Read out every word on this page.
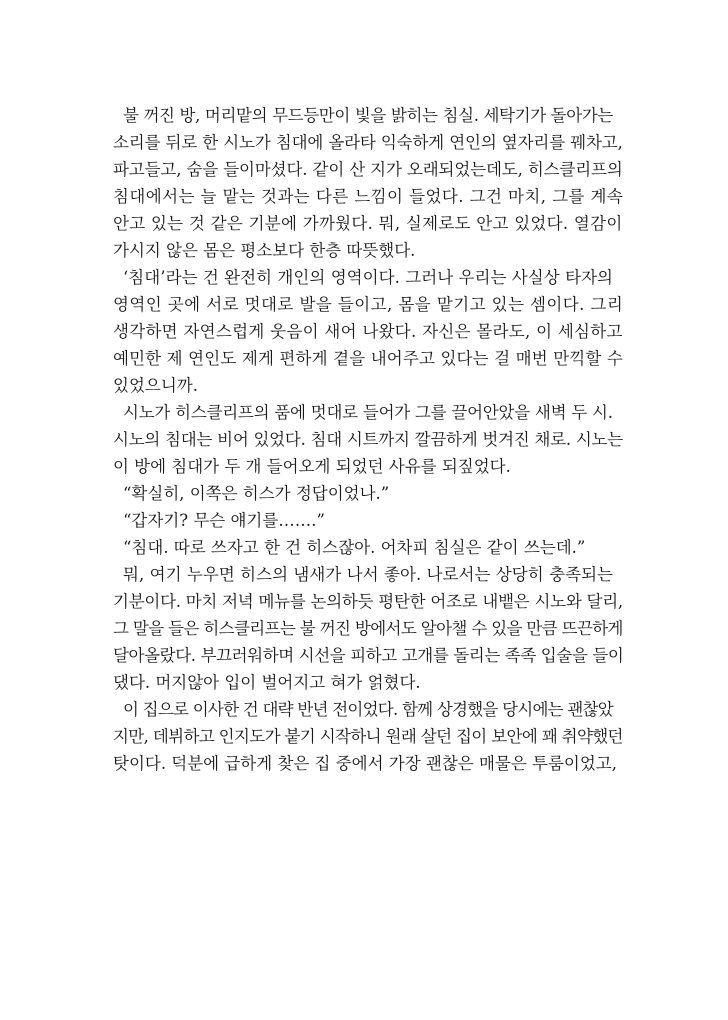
불 꺼진 방, 머리맡의 무드등만이 빛을 밝히는 침실. 세탁기가 돌아가는
소리를 뒤로 한 시노가 침대에 올라타 익숙하게 연인의 옆자리를 꿰차고,
파고들고, 숨을 들이마셨다. 같이 산 지가 오래되었는데도, 히스클리프의
침대에서는 늘 맡는 것과는 다른 느낌이 들었다. 그건 마치, 그를 계속
안고 있는 것 같은 기분에 가까웠다. 뭐, 실제로도 안고 있었다. 열감이
가시지 않은 몸은 평소보다 한층 따뜻했다.
‘침대’라는 건 완전히 개인의 영역이다. 그러나 우리는 사실상 타자의
영역인 곳에 서로 멋대로 발을 들이고, 몸을 맡기고 있는 셈이다. 그리
생각하면 자연스럽게 웃음이 새어 나왔다. 자신은 몰라도, 이 세심하고
예민한 제 연인도 제게 편하게 곁을 내어주고 있다는 걸 매번 만끽할 수
있었으니까.
시노가 히스클리프의 품에 멋대로 들어가 그를 끌어안았을 새벽 두 시.
시노의 침대는 비어 있었다. 침대 시트까지 깔끔하게 벗겨진 채로. 시노는
이 방에 침대가 두 개 들어오게 되었던 사유를 되짚었다.
“확실히, 이쪽은 히스가 정답이었나.”
“갑자기? 무슨 얘기를…….”
“침대. 따로 쓰자고 한 건 히스잖아. 어차피 침실은 같이 쓰는데.”
뭐, 여기 누우면 히스의 냄새가 나서 좋아. 나로서는 상당히 충족되는
기분이다. 마치 저녁 메뉴를 논의하듯 평탄한 어조로 내뱉은 시노와 달리,
그 말을 들은 히스클리프는 불 꺼진 방에서도 알아챌 수 있을 만큼 뜨끈하게
달아올랐다. 부끄러워하며 시선을 피하고 고개를 돌리는 족족 입술을 들이
댔다. 머지않아 입이 벌어지고 혀가 얽혔다.
이 집으로 이사한 건 대략 반년 전이었다. 함께 상경했을 당시에는 괜찮았
지만, 데뷔하고 인지도가 붙기 시작하니 원래 살던 집이 보안에 꽤 취약했던
탓이다. 덕분에 급하게 찾은 집 중에서 가장 괜찮은 매물은 투룸이었고,
